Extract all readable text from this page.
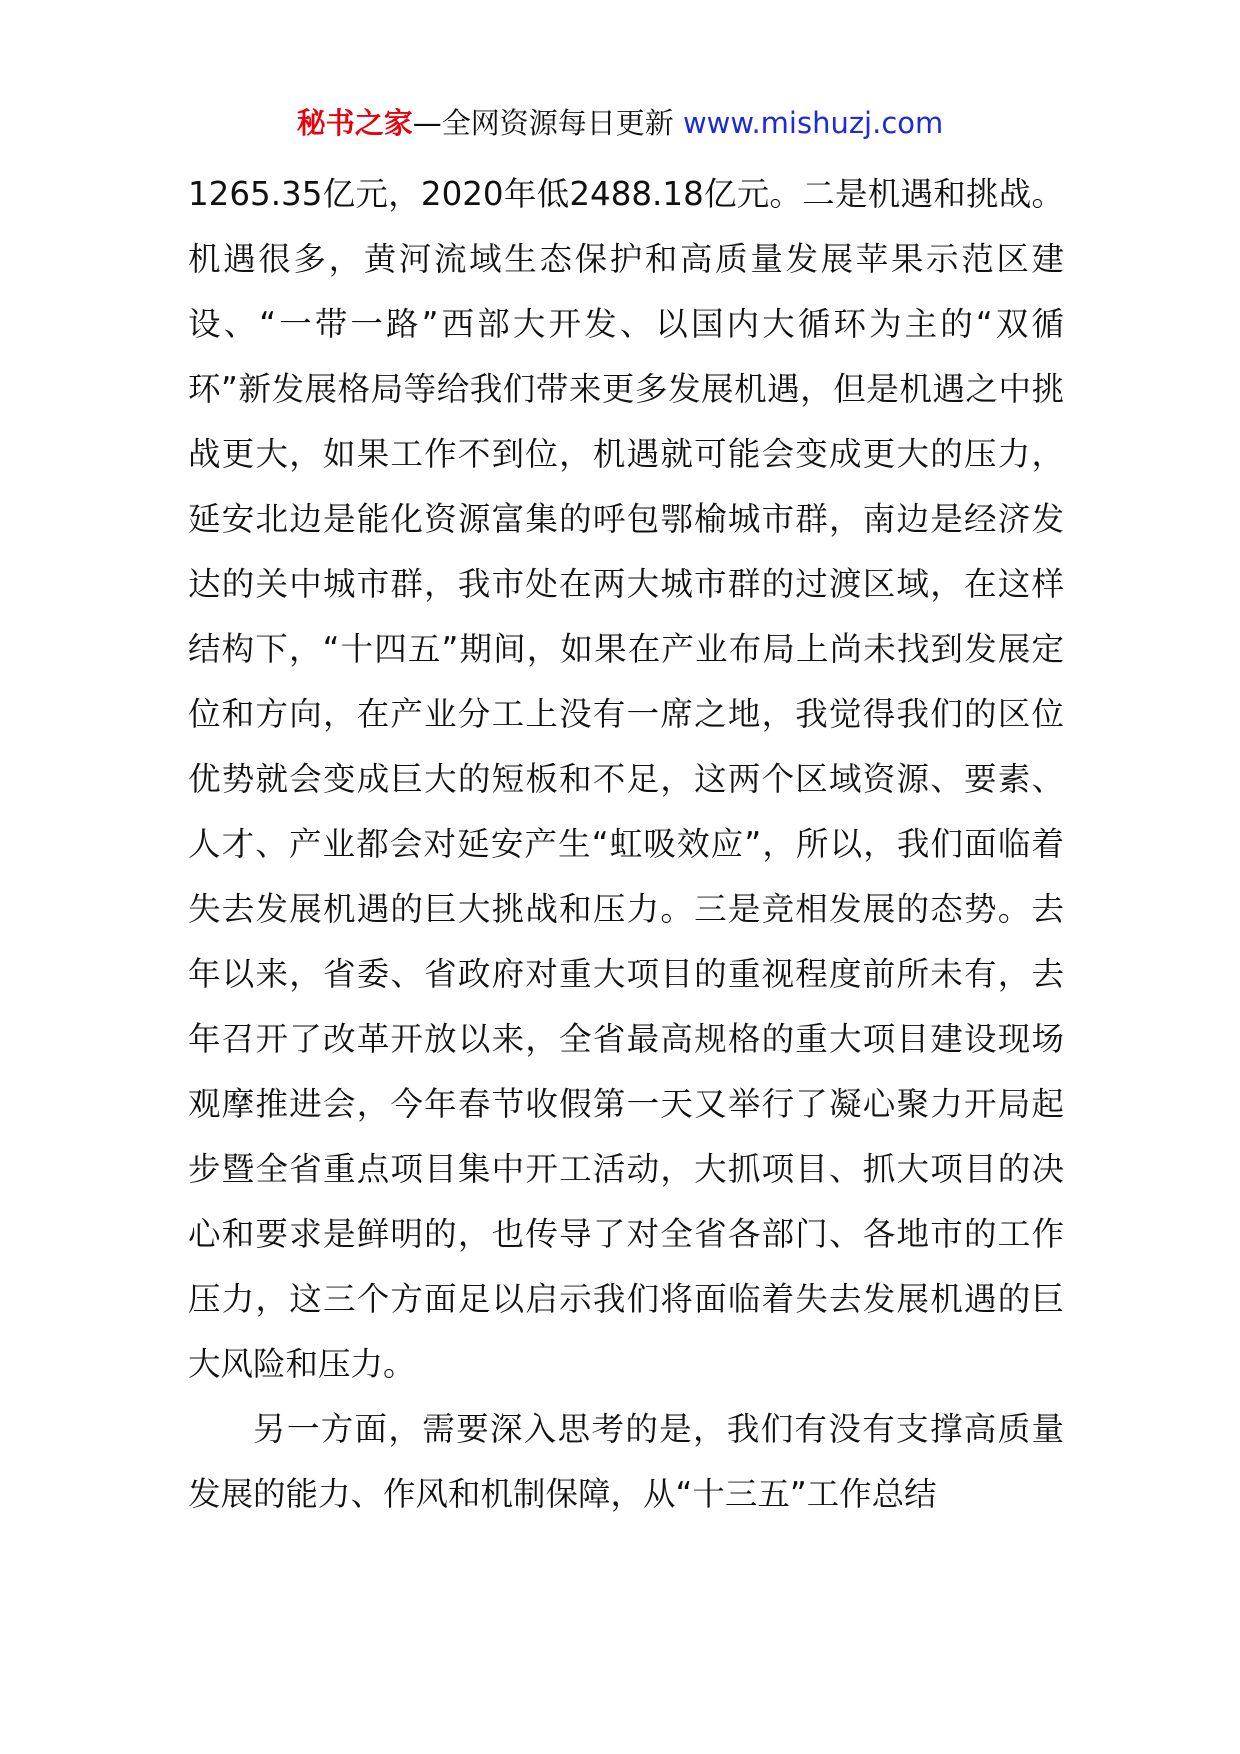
秘书之家—全网资源每日更新 www.mishuzj.com

1265.35亿元，2020年低2488.18亿元。二是机遇和挑战。机遇很多，黄河流域生态保护和高质量发展苹果示范区建设、“一带一路”西部大开发、以国内大循环为主的“双循环”新发展格局等给我们带来更多发展机遇，但是机遇之中挑战更大，如果工作不到位，机遇就可能会变成更大的压力，延安北边是能化资源富集的呼包鄂榆城市群，南边是经济发达的关中城市群，我市处在两大城市群的过渡区域，在这样结构下，“十四五”期间，如果在产业布局上尚未找到发展定位和方向，在产业分工上没有一席之地，我觉得我们的区位优势就会变成巨大的短板和不足，这两个区域资源、要素、人才、产业都会对延安产生“虹吸效应”，所以，我们面临着失去发展机遇的巨大挑战和压力。三是竞相发展的态势。去年以来，省委、省政府对重大项目的重视程度前所未有，去年召开了改革开放以来，全省最高规格的重大项目建设现场观摩推进会，今年春节收假第一天又举行了凝心聚力开局起步暨全省重点项目集中开工活动，大抓项目、抓大项目的决心和要求是鲜明的，也传导了对全省各部门、各地市的工作压力，这三个方面足以启示我们将面临着失去发展机遇的巨大风险和压力。

另一方面，需要深入思考的是，我们有没有支撑高质量发展的能力、作风和机制保障，从“十三五”工作总结
